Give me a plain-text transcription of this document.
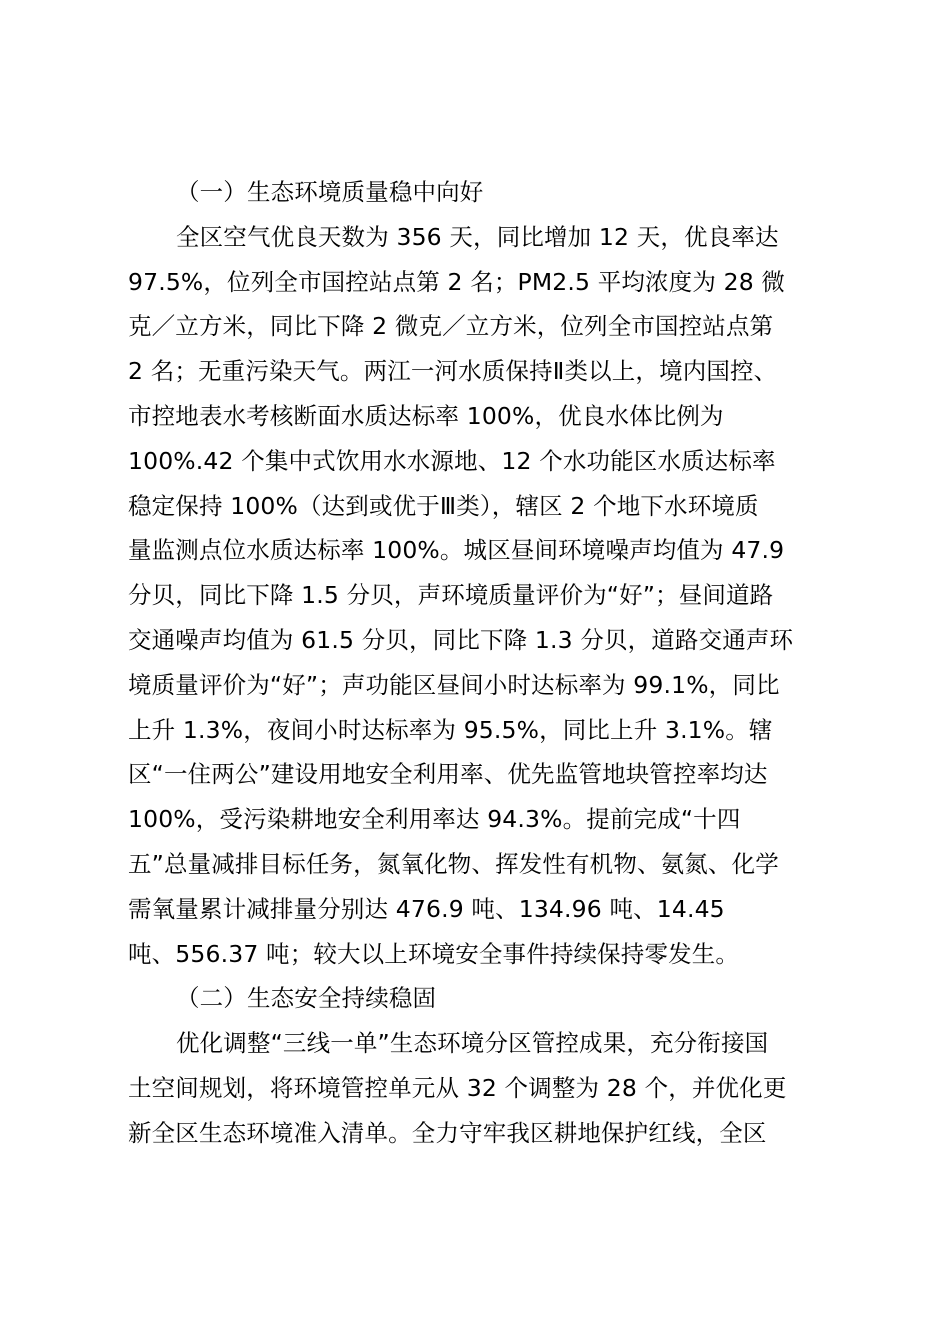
（一）生态环境质量稳中向好
全区空气优良天数为 356 天，同比增加 12 天，优良率达
97.5%，位列全市国控站点第 2 名；PM2.5 平均浓度为 28 微
克／立方米，同比下降 2 微克／立方米，位列全市国控站点第
2 名；无重污染天气。两江一河水质保持Ⅱ类以上，境内国控、
市控地表水考核断面水质达标率 100%，优良水体比例为
100%.42 个集中式饮用水水源地、12 个水功能区水质达标率
稳定保持 100%（达到或优于Ⅲ类），辖区 2 个地下水环境质
量监测点位水质达标率 100%。城区昼间环境噪声均值为 47.9
分贝，同比下降 1.5 分贝，声环境质量评价为“好”；昼间道路
交通噪声均值为 61.5 分贝，同比下降 1.3 分贝，道路交通声环
境质量评价为“好”；声功能区昼间小时达标率为 99.1%，同比
上升 1.3%，夜间小时达标率为 95.5%，同比上升 3.1%。辖
区“一住两公”建设用地安全利用率、优先监管地块管控率均达
100%，受污染耕地安全利用率达 94.3%。提前完成“十四
五”总量减排目标任务，氮氧化物、挥发性有机物、氨氮、化学
需氧量累计减排量分别达 476.9 吨、134.96 吨、14.45
吨、556.37 吨；较大以上环境安全事件持续保持零发生。
（二）生态安全持续稳固
优化调整“三线一单”生态环境分区管控成果，充分衔接国
土空间规划，将环境管控单元从 32 个调整为 28 个，并优化更
新全区生态环境准入清单。全力守牢我区耕地保护红线，全区
